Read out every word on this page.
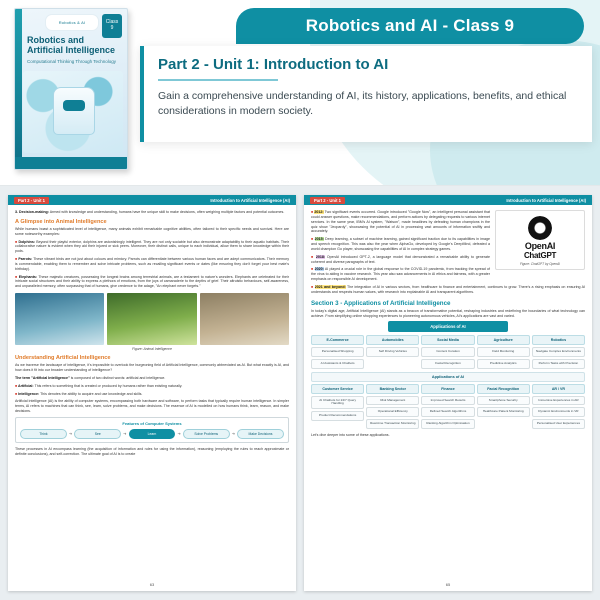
Robotics & AI	Class
9
Robotics and Artificial Intelligence
Computational Thinking Through Technology
Robotics and AI - Class 9
Part 2 - Unit 1: Introduction to AI
Gain a comprehensive understanding of AI, its history, applications, benefits, and ethical considerations in modern society.
Part 2 - Unit 1	Introduction to Artificial Intelligence (AI)

3. Decision-making: Armed with knowledge and understanding, humans have the unique skill to make decisions, often weighing multiple factors and potential outcomes.

A Glimpse into Animal Intelligence

While humans boast a sophisticated level of intelligence, many animals exhibit remarkable cognitive abilities, often tailored to their specific needs and survival. Here are some noteworthy examples:

■ Dolphins: Beyond their playful exterior, dolphins are astonishingly intelligent. They are not only sociable but also demonstrate adaptability to their aquatic habitats. Their collaborative nature is evident when they aid their injured or sick peers. Moreover, their distinct calls, unique to each individual, allow them to share knowledge within their pods.

■ Parrots: These vibrant birds are not just about colours and mimicry. Parrots can differentiate between various human faces and are adept communicators. Their memory is commendable, enabling them to remember and solve intricate problems, such as recalling significant events or dates (like ensuring they don't forget your best mate's birthday).

■ Elephants: These majestic creatures, possessing the longest brains among terrestrial animals, are a testament to nature's wonders. Elephants are celebrated for their intricate social structures and their ability to express a plethora of emotions, from the joys of camaraderie to the depths of grief. Their altruistic behaviours, self-awareness, and unparalleled memory, often surpassing that of humans, give credence to the adage, "An elephant never forgets."

Figure: Animal Intelligence
Understanding Artificial Intelligence

As we traverse the landscape of intelligence, it's impossible to overlook the burgeoning field of Artificial Intelligence, commonly abbreviated as AI. But what exactly is AI, and how does it fit into our broader understanding of intelligence?

The term "Artificial Intelligence" is composed of two distinct words: artificial and intelligence.

■ Artificial: This refers to something that is created or produced by humans rather than existing naturally.

■ Intelligence: This denotes the ability to acquire and use knowledge and skills.

Artificial intelligence (AI) is the ability of computer systems, encompassing both hardware and software, to perform tasks that typically require human intelligence. In simpler terms, AI refers to machines that can think, see, learn, solve problems, and make decisions. The essence of AI is modelled on how humans think, learn, reason, and make decisions.

Features of Computer Systems
Think	➜	See	➜	Learn	➜	Solve Problems	➜	Make Decisions

These processes in AI encompass learning (the acquisition of information and rules for using the information), reasoning (employing the rules to reach approximate or definite conclusions), and self-correction. The ultimate goal of AI is to create

63
Part 2 - Unit 1	Introduction to Artificial Intelligence (AI)
OpenAI
ChatGPT
Figure: ChatGPT by OpenAI

■ 2012: Two significant events occurred. Google introduced "Google Now", an intelligent personal assistant that could answer questions, make recommendations, and perform actions by delegating requests to various internet services. In the same year, IBM's AI system, "Watson", made headlines by defeating human champions in the quiz show "Jeopardy", showcasing the potential of AI in processing vast amounts of information swiftly and accurately.

■ 2015: Deep learning, a subset of machine learning, gained significant traction due to its capabilities in image and speech recognition. This was also the year when AlphaGo, developed by Google's DeepMind, defeated a world champion Go player, showcasing the capabilities of AI in complex strategy games.

■ 2018: OpenAI introduced GPT-2, a language model that demonstrated a remarkable ability to generate coherent and diverse paragraphs of text.

■ 2020: AI played a crucial role in the global response to the COVID-19 pandemic, from tracking the spread of the virus to aiding in vaccine research. This year also saw advancements in AI ethics and fairness, with a greater emphasis on responsible AI development.

■ 2021 and beyond: The integration of AI in various sectors, from healthcare to finance and entertainment, continues to grow. There's a rising emphasis on ensuring AI understands and respects human values, with research into explainable AI and transparent algorithms.

Section 3 - Applications of Artificial Intelligence

In today's digital age, Artificial Intelligence (AI) stands as a beacon of transformative potential, reshaping industries and redefining the boundaries of what technology can achieve. From simplifying online shopping experiences to pioneering autonomous vehicles, AI's applications are vast and varied.

Applications of AI
E-Commerce
Personalised Shopping
AI Assistants & Chatbots
Automobiles
Self Driving Vehicles
Social Media
Content Curation
Facial Recognition
Agriculture
Field Monitoring
Predictive Analytics
Robotics
Navigate Complex Environments
Perform Tasks with Precision
Applications of AI
Customer Service
AI Chatbots for 24/7 Query Handling
Product Recommendations
Banking Sector
Risk Management
Operational Efficiency
Real-time Transaction Monitoring
Finance
Improved Search Results
Refined Search Algorithms
Ranking Algorithm Optimisation
Facial Recognition
Smartphone Security
Healthcare Patient Monitoring
AR / VR
Immersive Experiences in AR
Dynamic Environments in VR
Personalised User Experiences
Let's dive deeper into some of these applications.
65
